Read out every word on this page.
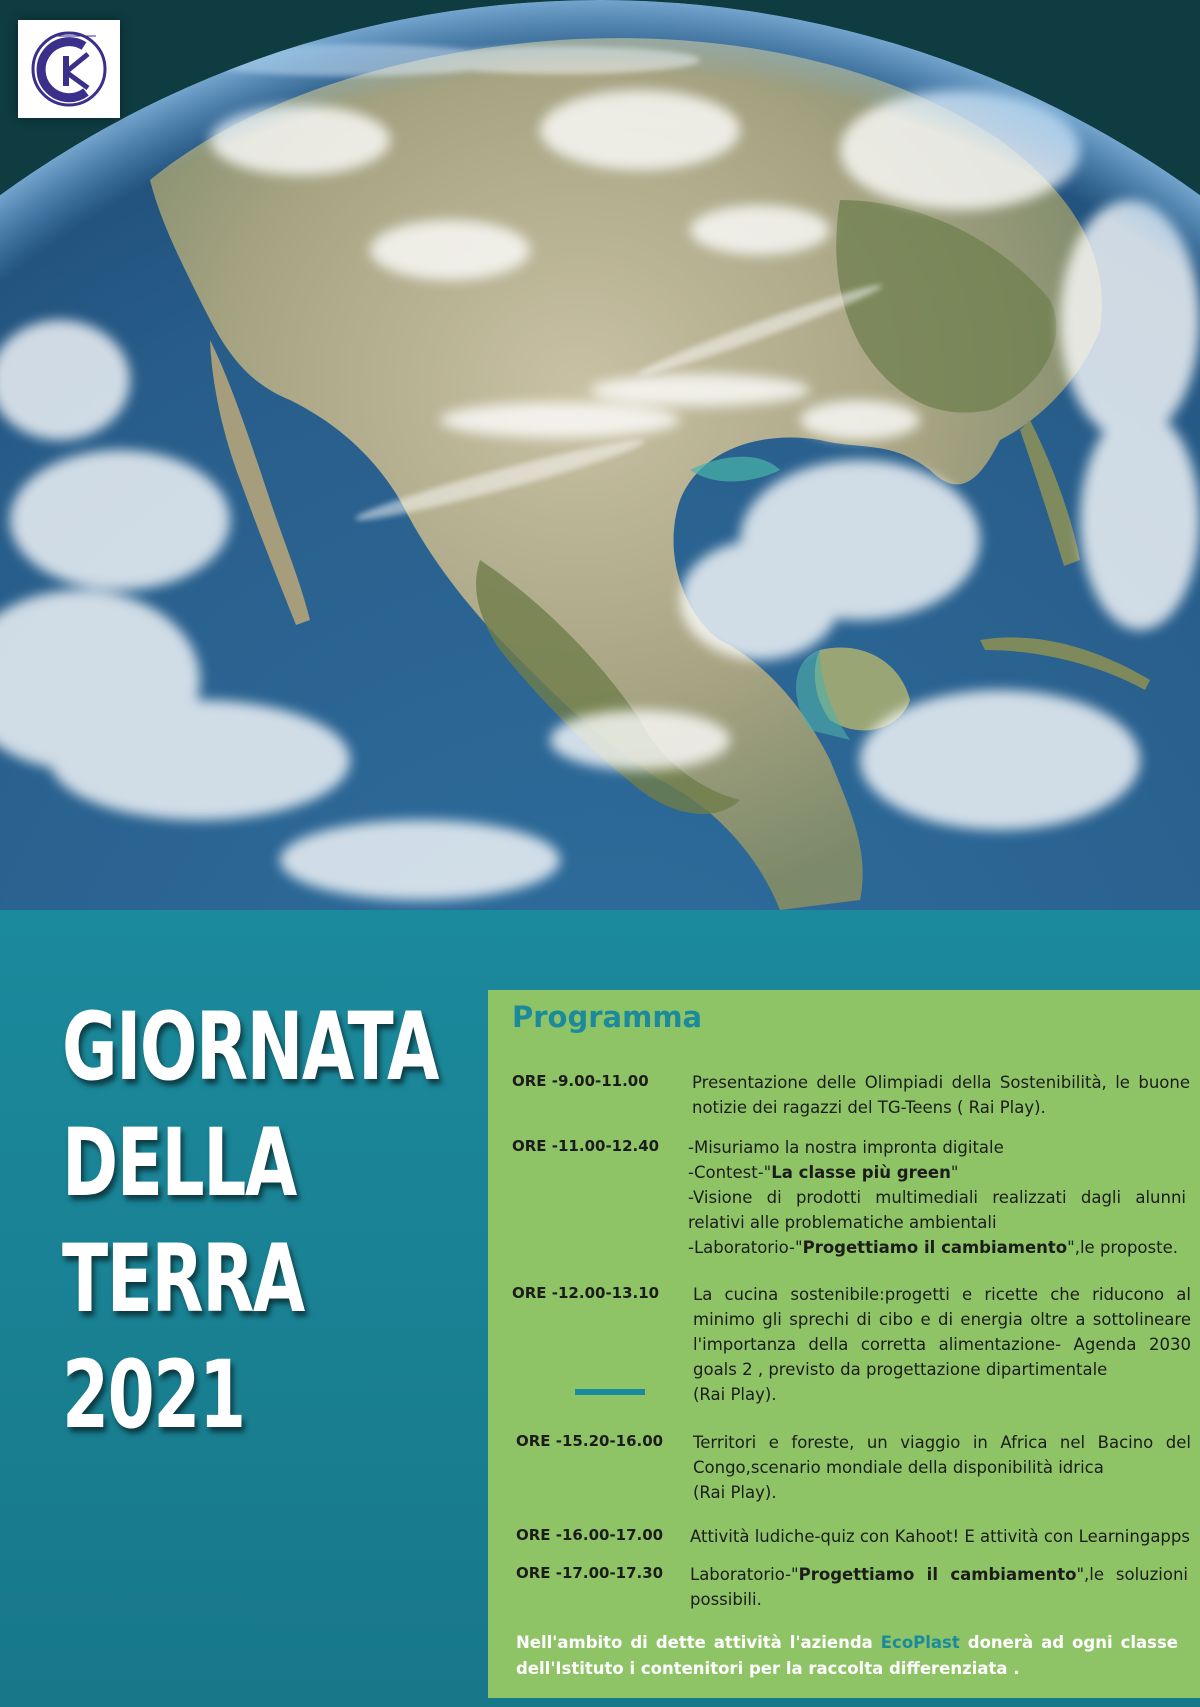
GIORNATA
DELLA
TERRA
2021
Programma
ORE -9.00-11.00	Presentazione delle Olimpiadi della Sostenibilità, le buone notizie dei ragazzi del TG-Teens ( Rai Play).
ORE -11.00-12.40 -Misuriamo la nostra impronta digitale
-Contest-"La classe più green"
-Visione di prodotti multimediali realizzati dagli alunni relativi alle problematiche ambientali
-Laboratorio-"Progettiamo il cambiamento",le proposte.
ORE -12.00-13.10 La cucina sostenibile:progetti e ricette che riducono al minimo gli sprechi di cibo e di energia oltre a sottolineare l'importanza della corretta alimentazione- Agenda 2030 goals 2 , previsto da progettazione dipartimentale
(Rai Play).
ORE -15.20-16.00 Territori e foreste, un viaggio in Africa nel Bacino del Congo,scenario mondiale della disponibilità idrica
(Rai Play).
ORE -16.00-17.00 Attività ludiche-quiz con Kahoot! E attività con Learningapps
ORE -17.00-17.30 Laboratorio-"Progettiamo il cambiamento",le soluzioni possibili.
Nell'ambito di dette attività l'azienda EcoPlast donerà ad ogni classe dell'Istituto i contenitori per la raccolta differenziata .
